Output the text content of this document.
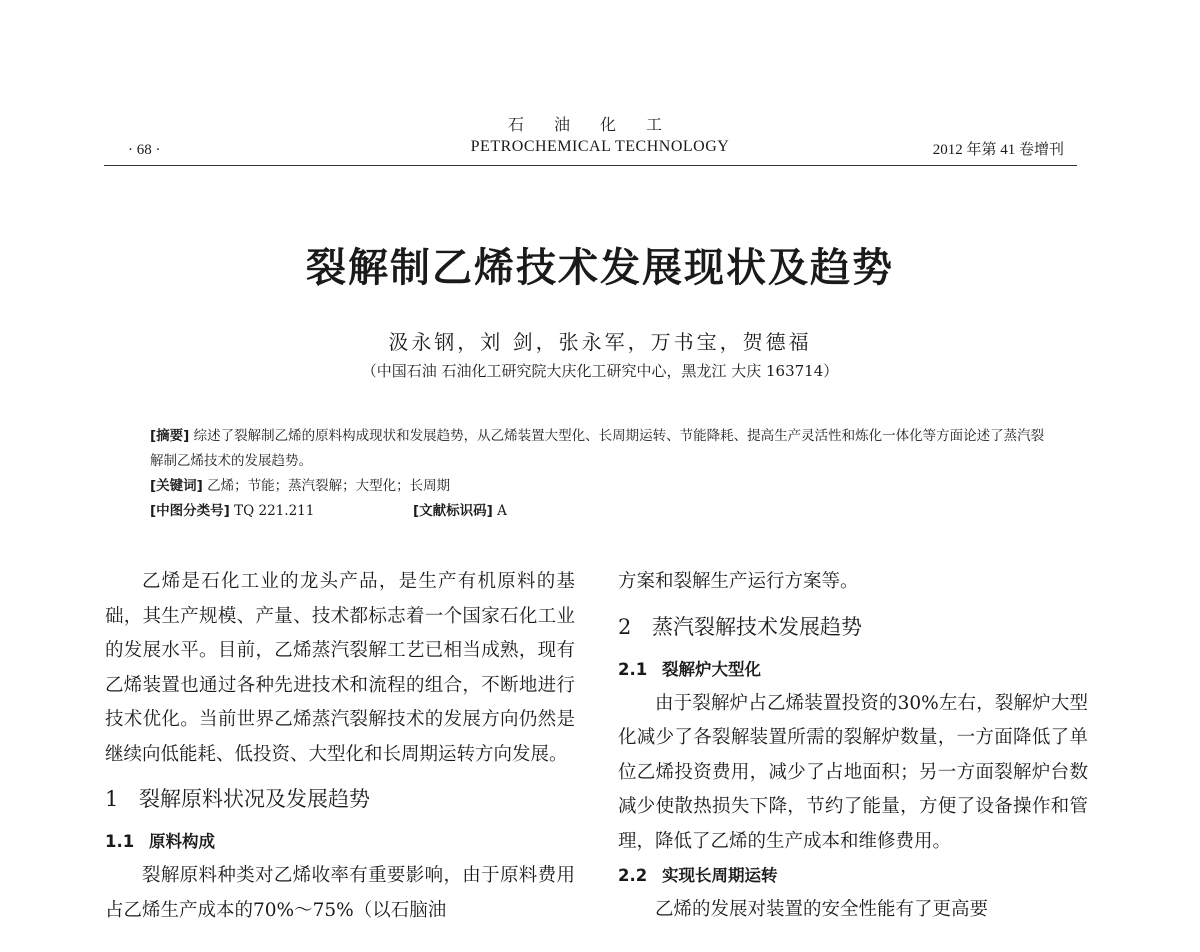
石油化工
PETROCHEMICAL TECHNOLOGY
· 68 ·	2012 年第 41 卷增刊
裂解制乙烯技术发展现状及趋势
汲永钢，刘 剑，张永军，万书宝，贺德福
（中国石油 石油化工研究院大庆化工研究中心，黑龙江 大庆 163714）

[摘要] 综述了裂解制乙烯的原料构成现状和发展趋势，从乙烯装置大型化、长周期运转、节能降耗、提高生产灵活性和炼化一体化等方面论述了蒸汽裂解制乙烯技术的发展趋势。

[关键词] 乙烯；节能；蒸汽裂解；大型化；长周期

[中图分类号] TQ 221.211	[文献标识码] A

乙烯是石化工业的龙头产品，是生产有机原料的基础，其生产规模、产量、技术都标志着一个国家石化工业的发展水平。目前，乙烯蒸汽裂解工艺已相当成熟，现有乙烯装置也通过各种先进技术和流程的组合，不断地进行技术优化。当前世界乙烯蒸汽裂解技术的发展方向仍然是继续向低能耗、低投资、大型化和长周期运转方向发展。

1 裂解原料状况及发展趋势
1.1 原料构成

裂解原料种类对乙烯收率有重要影响，由于原料费用占乙烯生产成本的70%～75%（以石脑油

方案和裂解生产运行方案等。

2 蒸汽裂解技术发展趋势
2.1 裂解炉大型化

由于裂解炉占乙烯装置投资的30%左右，裂解炉大型化减少了各裂解装置所需的裂解炉数量，一方面降低了单位乙烯投资费用，减少了占地面积；另一方面裂解炉台数减少使散热损失下降，节约了能量，方便了设备操作和管理，降低了乙烯的生产成本和维修费用。

2.2 实现长周期运转

乙烯的发展对装置的安全性能有了更高要
